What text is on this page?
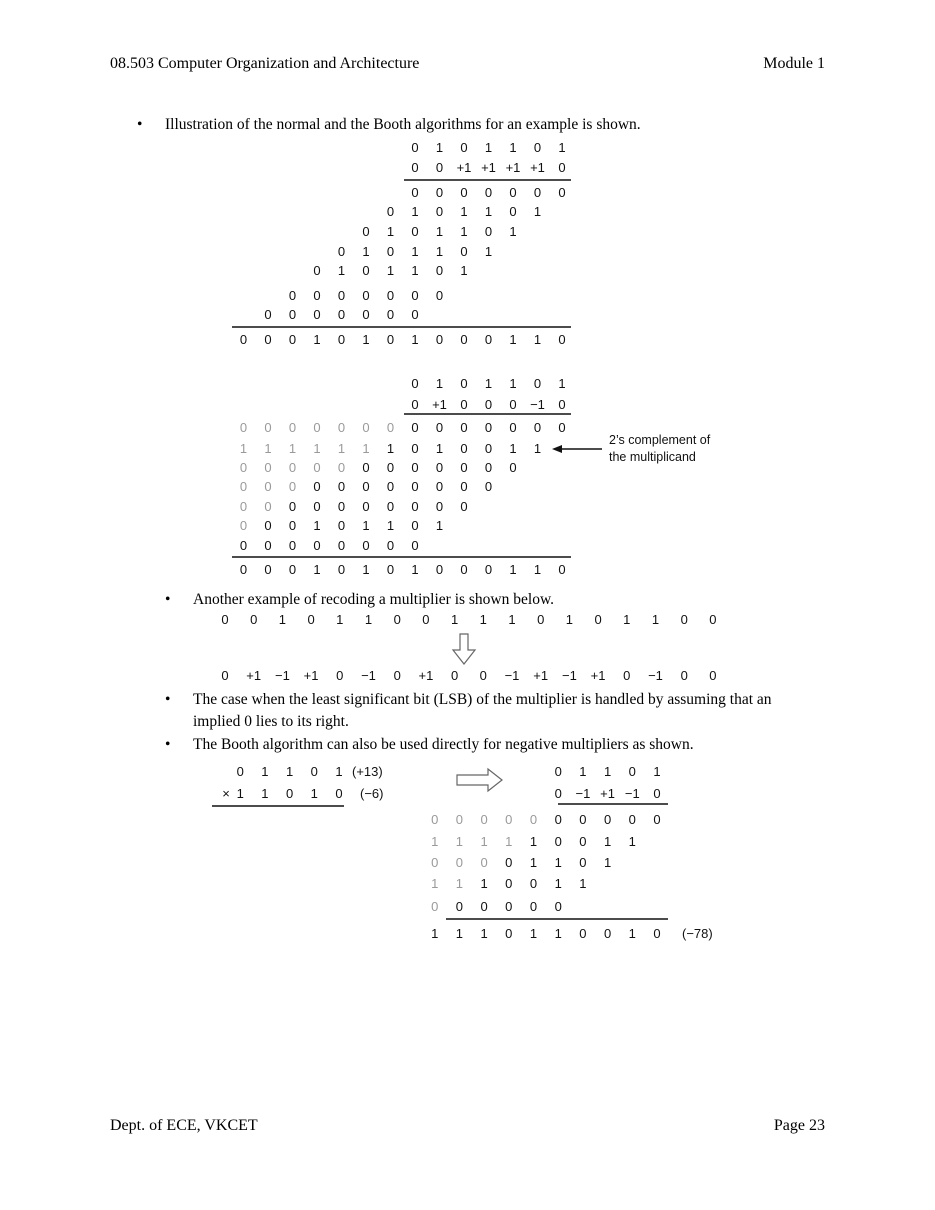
08.503 Computer Organization and Architecture	Module 1
• Illustration of the normal and the Booth algorithms for an example is shown.
• Another example of recoding a multiplier is shown below.
• The case when the least significant bit (LSB) of the multiplier is handled by assuming that an
implied 0 lies to its right.
• The Booth algorithm can also be used directly for negative multipliers as shown.
0 1 0 1 1 0 1
0 0 +1 +1 +1 +1 0
0 0 0 0 0 0 0
0 1 0 1 1 0 1
0 1 0 1 1 0 1
0 1 0 1 1 0 1
0 1 0 1 1 0 1
0 0 0 0 0 0 0
0 0 0 0 0 0 0
0 0 0 1 0 1 0 1 0 0 0 1 1 0
0 1 0 1 1 0 1
0 +1 0 0 0 −1 0
0 0 0 0 0 0 0 0 0 0 0 0 0 0
1 1 1 1 1 1 1 0 1 0 0 1 1
0 0 0 0 0 0 0 0 0 0 0 0
0 0 0 0 0 0 0 0 0 0 0
0 0 0 0 0 0 0 0 0 0
0 0 0 1 0 1 1 0 1
0 0 0 0 0 0 0 0
0 0 0 1 0 1 0 1 0 0 0 1 1 0
2’s complement of
the multiplicand
0 0 1 0 1 1 0 0 1 1 1 0 1 0 1 1 0 0
0 +1 −1 +1 0 −1 0 +1 0 0 −1 +1 −1 +1 0 −1 0 0
0 1 1 0 1 (+13)
× 1 1 0 1 0 (−6)
0 1 1 0 1
0 −1 +1 −1 0
0 0 0 0 0 0 0 0 0 0
1 1 1 1 1 0 0 1 1
0 0 0 0 1 1 0 1
1 1 1 0 0 1 1
0 0 0 0 0 0
1 1 1 0 1 1 0 0 1 0 (−78)
Dept. of ECE, VKCET	Page 23
